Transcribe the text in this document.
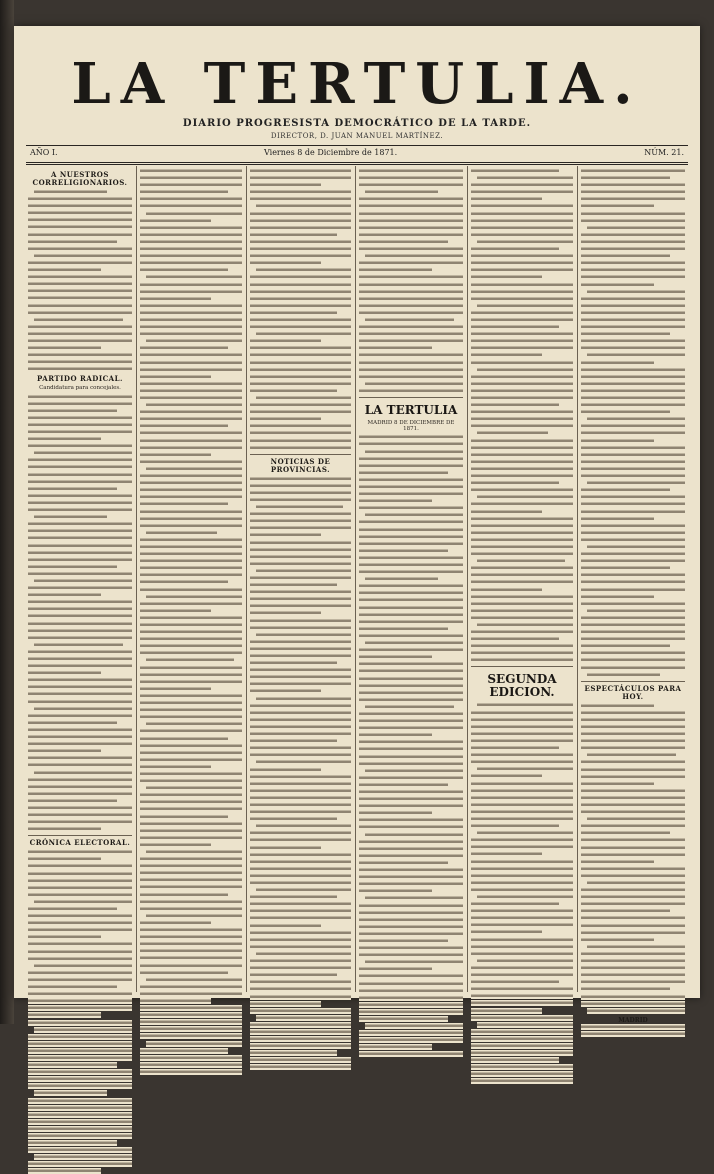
LA TERTULIA.
DIARIO PROGRESISTA DEMOCRÁTICO DE LA TARDE.
DIRECTOR, D. JUAN MANUEL MARTÍNEZ.
AÑO I.	Viernes 8 de Diciembre de 1871.	NÚM. 21.
A NUESTROS CORRELIGIONARIOS.
PARTIDO RADICAL.
Candidatura para concejales.
CRÓNICA ELECTORAL.
NOTICIAS DE PROVINCIAS.
LA TERTULIA
MADRID 8 DE DICIEMBRE DE 1871.
SEGUNDA EDICION.	ESPECTÁCULOS PARA HOY.
MADRID
